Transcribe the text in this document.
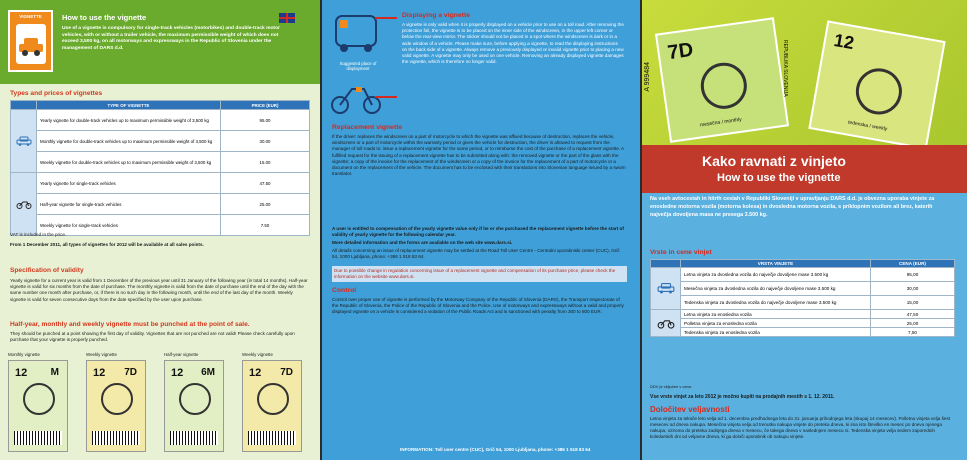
VIGNETTE	How to use the vignette
Use of a vignette is compulsory for single-track vehicles (motorbikes) and double-track motor vehicles, with or without a trailer vehicle, the maximum permissible weight of which does not exceed 3,500 kg, on all motorways and expressways in the Republic of Slovenia under the management of DARS d.d.
Types and prices of vignettes
	TYPE OF VIGNETTE	PRICE (EUR)
	Yearly vignette for double-track vehicles up to maximum permissible weight of 3,500 kg	95.00
	Monthly vignette for double-track vehicles up to maximum permissible weight of 3,500 kg	30.00
	Weekly vignette for double-track vehicles up to maximum permissible weight of 3,500 kg	15.00
	Yearly vignette for single-track vehicles	47.50
	Half-year vignette for single-track vehicles	25.00
	Weekly vignette for single-track vehicles	7.50
VAT is included in the price.
From 1 December 2011, all types of vignettes for 2012 will be available at all sales points.
Specification of validity
Yearly vignette for a current year is valid from 1 December of the previous year until 31 January of the following year (in total 14 months). Half-year vignette is valid for six months from the date of purchase. The monthly vignette is valid from the date of purchase until the end of the day with the same number one month after purchase, or, if there is no such day in the following month, until the end of the last day of the month. Weekly vignette is valid for seven consecutive days from the date specified by the user upon purchase.
Half-year, monthly and weekly vignette must be punched at the point of sale.
They should be punched at a point showing the first day of validity. Vignettes that are not punched are not valid! Please check carefully upon purchase that your vignette is properly punched.
Monthly vignette
12 M
Weekly vignette
12 7D
Half-year vignette
12 6M
Weekly vignette
12 7D
Suggested place of displayment
Displaying a vignette
A vignette is only valid when it is properly displayed on a vehicle prior to use on a toll road. After removing the protection foil, the vignette is to be placed on the inner side of the windscreen, in the upper left corner or below the rear-view mirror. The sticker should not be placed in a spot where the windscreen is dark or in a wide window of a vehicle. Please make sure, before applying a vignette, to read the displaying instructions on the back side of a vignette. Always remove a previously displayed or invalid vignette prior to placing a new valid vignette. A vignette may only be used on one vehicle. Removing an already displayed vignette damages the vignette, which is therefore no longer valid.
Replacement vignette
If the driver: replaces the windscreen on a part of motorcycle to which the vignette was affixed because of destruction, replaces the vehicle, windscreen or a part of motorcycle within the warranty period or gives the vehicle for destruction, the driver is allowed to request from the manager of toll roads to: issue a replacement vignette for the same period, or to reimburse the cost of the purchase of a replacement vignette. A fulfilled request for the issuing of a replacement vignette has to be submitted along with: the removed vignette or the part of the glass with the vignette; a copy of the invoice for the replacement of the windscreen or a copy of the invoice for the replacement of a part of motorcycle or a document on the replacement of the vehicle. The document has to be enclosed with their translations into Slovenian language issued by a sworn translator.
A user is entitled to compensation of the yearly vignette value only if he or she purchased the replacement vignette before the start of validity of yearly vignette for the following calendar year.
More detailed information and the forms are available on the web site www.dars.si.
All details concerning an issue of replacement vignette may be settled at the Road Toll User Centre - Centralni uporabniski center (CUC), Grič 54, 1000 Ljubljana, phone: +386 1 518 83 64.
Due to possible change in regulation concerning issue of a replacement vignette and compensation of its purchase price, please check the information on the website www.dars.si.
Control
Control over proper use of vignette is performed by the Motorway Company of the Republic of Slovenia (DARS), the Transport Inspectorate of the Republic of Slovenia, the Police of the Republic of Slovenia and the Police. Use of motorways and expressways without a valid and properly displayed vignette on a vehicle is considered a violation of the Public Roads Act and is sanctioned with penalty from 300 to 800 EUR.
INFORMATION: Toll user centre (CUC), Grič 54, 1000 Ljubljana, phone: +386 1 518 83 64
7D
mesečna / monthly
12
tedenska / weekly
REPUBLIKA SLOVENIJA
A 999484
Kako ravnati z vinjeto
How to use the vignette
Na vseh avtocestah in hitrih cestah v Republiki Sloveniji v upravljanju DARS d.d. je obvezna uporaba vinjete za enoslednе motorna vozila (motorna kolesa) in dvosledna motorna vozila, s priklopnim vozilom ali brez, katerih največja dovoljena masa ne presega 3.500 kg.
Vrste in cene vinjet
	VRSTA VINJETE	CENA (EUR)
	Letna vinjeta za dvosledna vozila do največje dovoljene mase 3.500 kg	95,00
	Mesečna vinjeta za dvosledna vozila do največje dovoljene mase 3.500 kg	30,00
	Tedenska vinjeta za dvosledna vozila do največje dovoljene mase 3.500 kg	15,00
	Letna vinjeta za enosledna vozila	47,50
	Polletna vinjeta za enosledna vozila	25,00
	Tedenska vinjeta za enosledna vozila	7,50
DDV je vključen v ceno.
Vse vrste vinjet za leto 2012 je možno kupiti na prodajnih mestih s 1. 12. 2011.
Določitev veljavnosti
Letna vinjeta za tekoče leto velja od 1. decembra predhodnega leta do 31. januarja prihodnjega leta (skupaj 14 mesecev). Polletna vinjeta velja šest mesecev od dneva nakupa. Mesečna vinjeta velja od trenutka nakupa vinjete do preteka dneva, ki ima isto številko en mesec po dnevu njenega nakupa, oziroma do preteka zadnjega dneva v mesecu, če takega dneva v naslednjem mesecu ni. Tedenska vinjeta velja sedem zaporednih koledarskih dni od veljavne dneva, ki ga določi uporabnik ob nakupu vinjete.
